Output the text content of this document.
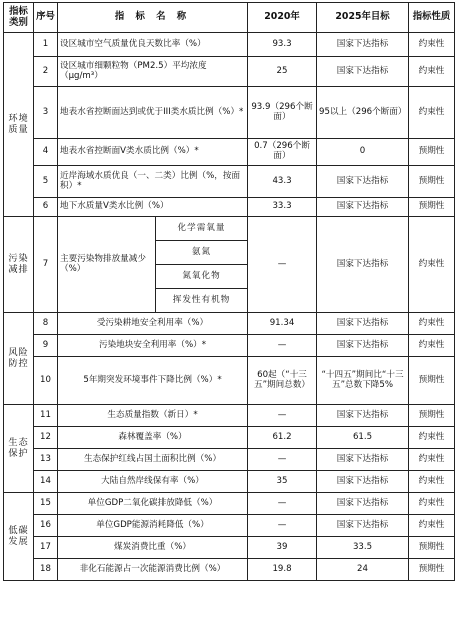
指标类别	序号	指 标 名 称		2020年	2025年目标	指标性质
环境质量	1	设区城市空气质量优良天数比率（%）		93.3	国家下达指标	约束性
	2	设区城市细颗粒物（PM2.5）平均浓度（μg/m³）		25	国家下达指标	约束性
	3	地表水省控断面达到或优于III类水质比例（%）*		93.9（296个断面）	95以上（296个断面）	约束性
	4	地表水省控断面V类水质比例（%）*		0.7（296个断面）	0	预期性
	5	近岸海域水质优良（一、二类）比例（%，按面积）*		43.3	国家下达指标	预期性
	6	地下水质量V类水比例（%）		33.3	国家下达指标	预期性
污染减排	7	主要污染物排放量减少（%）	化学需氧量	—	国家下达指标	约束性
			氨氮			
			氮氧化物			
			挥发性有机物			
风险防控	8	受污染耕地安全利用率（%）		91.34	国家下达指标	约束性
	9	污染地块安全利用率（%）*		—	国家下达指标	约束性
	10	5年期突发环境事件下降比例（%）*		60起（“十三五”期间总数）	“十四五”期间比“十三五”总数下降5%	预期性
生态保护	11	生态质量指数（新日）*		—	国家下达指标	预期性
	12	森林覆盖率（%）		61.2	61.5	约束性
	13	生态保护红线占国土面积比例（%）		—	国家下达指标	约束性
	14	大陆自然岸线保有率（%）		35	国家下达指标	约束性
低碳发展	15	单位GDP二氧化碳排放降低（%）		—	国家下达指标	约束性
	16	单位GDP能源消耗降低（%）		—	国家下达指标	约束性
	17	煤炭消费比重（%）		39	33.5	预期性
	18	非化石能源占一次能源消费比例（%）		19.8	24	预期性
